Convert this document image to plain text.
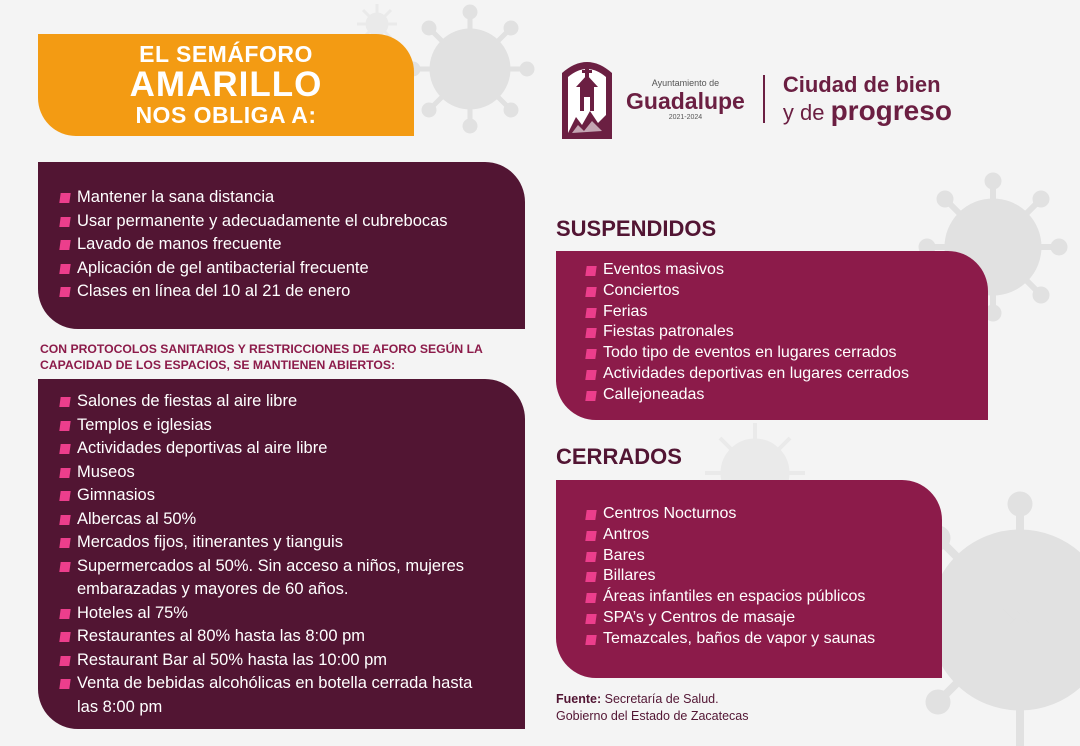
EL SEMÁFORO
AMARILLO
NOS OBLIGA A:
Ayuntamiento de
Guadalupe
2021-2024
Ciudad de bien
y de progreso
Mantener la sana distancia
Usar permanente y adecuadamente el cubrebocas
Lavado de manos frecuente
Aplicación de gel antibacterial frecuente
Clases en línea del 10 al 21 de enero
CON PROTOCOLOS SANITARIOS Y RESTRICCIONES DE AFORO SEGÚN LA CAPACIDAD DE LOS ESPACIOS, SE MANTIENEN ABIERTOS:
Salones de fiestas al aire libre
Templos e iglesias
Actividades deportivas al aire libre
Museos
Gimnasios
Albercas al 50%
Mercados fijos, itinerantes y tianguis
Supermercados al 50%. Sin acceso a niños, mujeres embarazadas y mayores de 60 años.
Hoteles al 75%
Restaurantes al 80% hasta las 8:00 pm
Restaurant Bar al 50% hasta las 10:00 pm
Venta de bebidas alcohólicas en botella cerrada hasta las 8:00 pm
SUSPENDIDOS
Eventos masivos
Conciertos
Ferias
Fiestas patronales
Todo tipo de eventos en lugares cerrados
Actividades deportivas en lugares cerrados
Callejoneadas
CERRADOS
Centros Nocturnos
Antros
Bares
Billares
Áreas infantiles en espacios públicos
SPA’s y Centros de masaje
Temazcales, baños de vapor y saunas
Fuente: Secretaría de Salud.
Gobierno del Estado de Zacatecas
